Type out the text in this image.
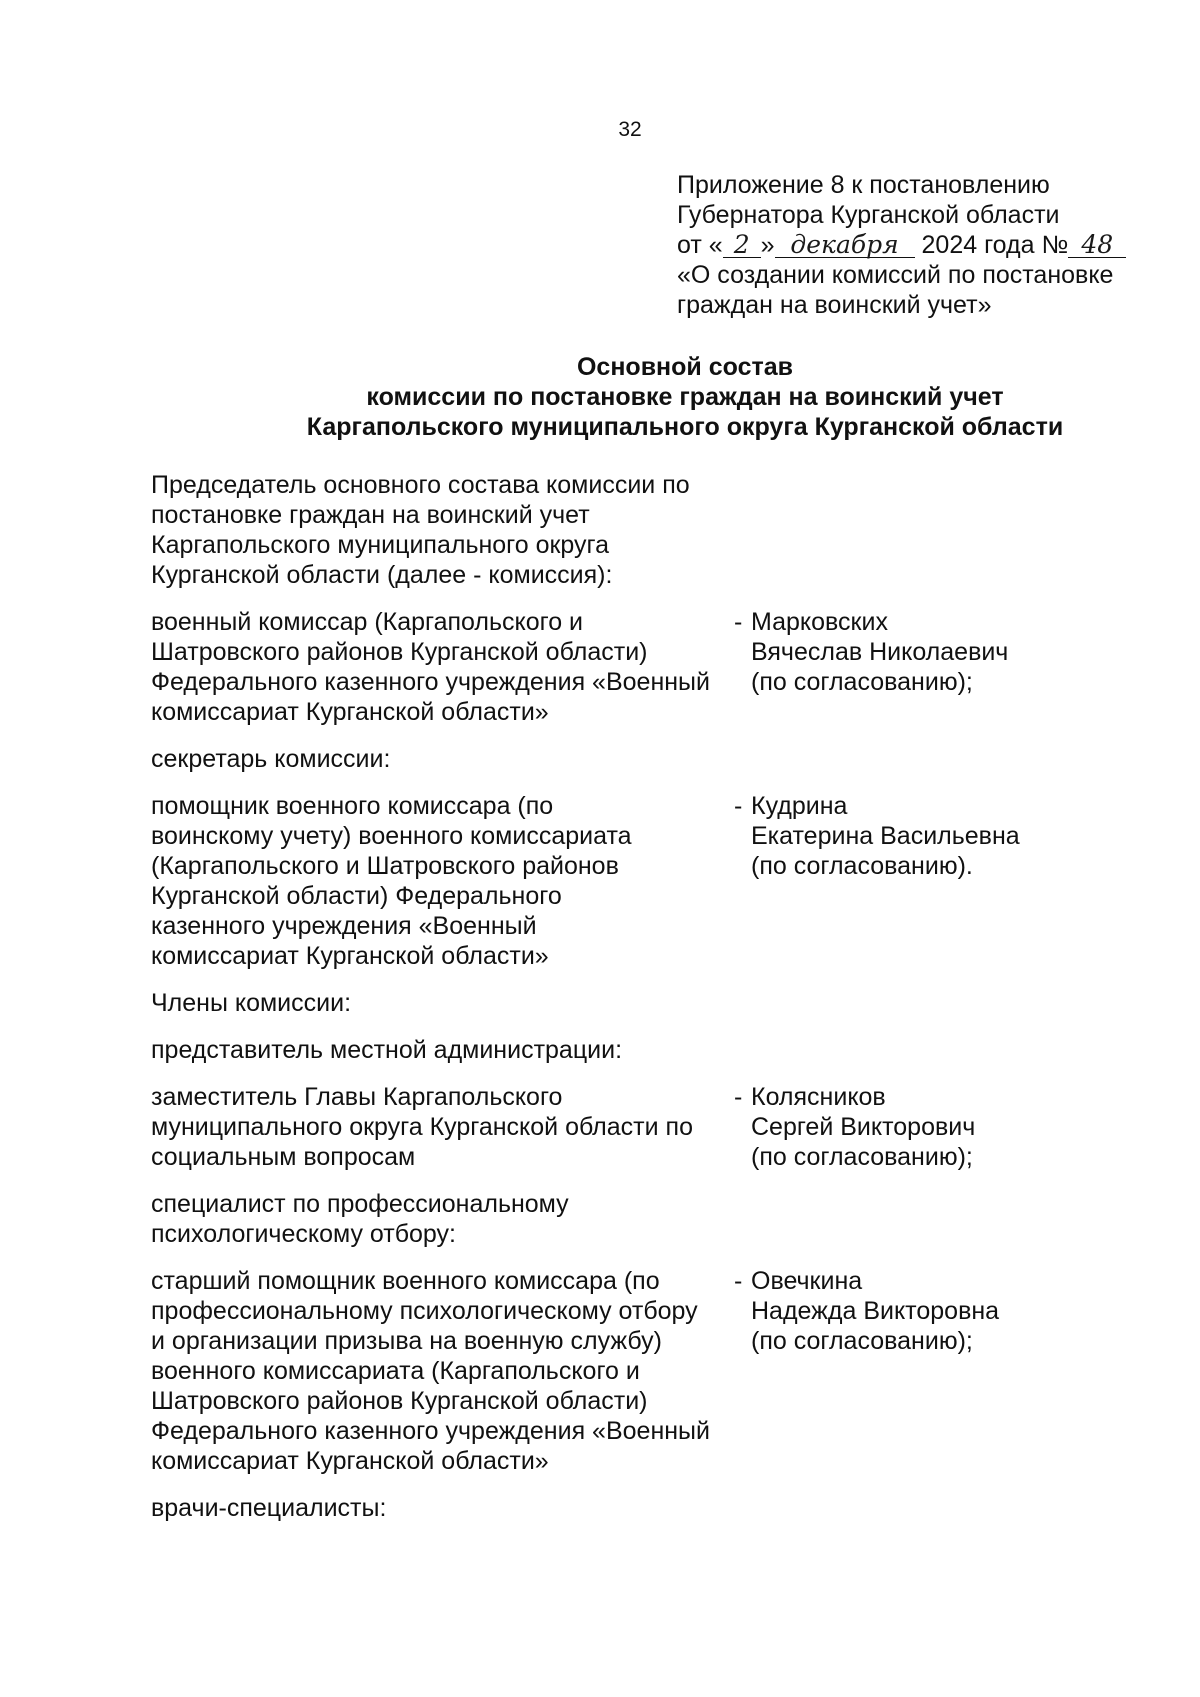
32
Приложение 8 к постановлению
Губернатора Курганской области
от « 2 » декабря 2024 года № 48
«О создании комиссий по постановке
граждан на воинский учет»
Основной состав
комиссии по постановке граждан на воинский учет
Каргапольского муниципального округа Курганской области
Председатель основного состава комиссии по постановке граждан на воинский учет Каргапольского муниципального округа Курганской области (далее - комиссия):
военный комиссар (Каргапольского и Шатровского районов Курганской области) Федерального казенного учреждения «Военный комиссариат Курганской области»
- Марковских
Вячеслав Николаевич
(по согласованию);
секретарь комиссии:
помощник военного комиссара (по воинскому учету) военного комиссариата (Каргапольского и Шатровского районов Курганской области) Федерального казенного учреждения «Военный комиссариат Курганской области»
- Кудрина
Екатерина Васильевна
(по согласованию).
Члены комиссии:
представитель местной администрации:
заместитель Главы Каргапольского муниципального округа Курганской области по социальным вопросам
- Колясников
Сергей Викторович
(по согласованию);
специалист по профессиональному психологическому отбору:
старший помощник военного комиссара (по профессиональному психологическому отбору и организации призыва на военную службу) военного комиссариата (Каргапольского и Шатровского районов Курганской области) Федерального казенного учреждения «Военный комиссариат Курганской области»
- Овечкина
Надежда Викторовна
(по согласованию);
врачи-специалисты:
